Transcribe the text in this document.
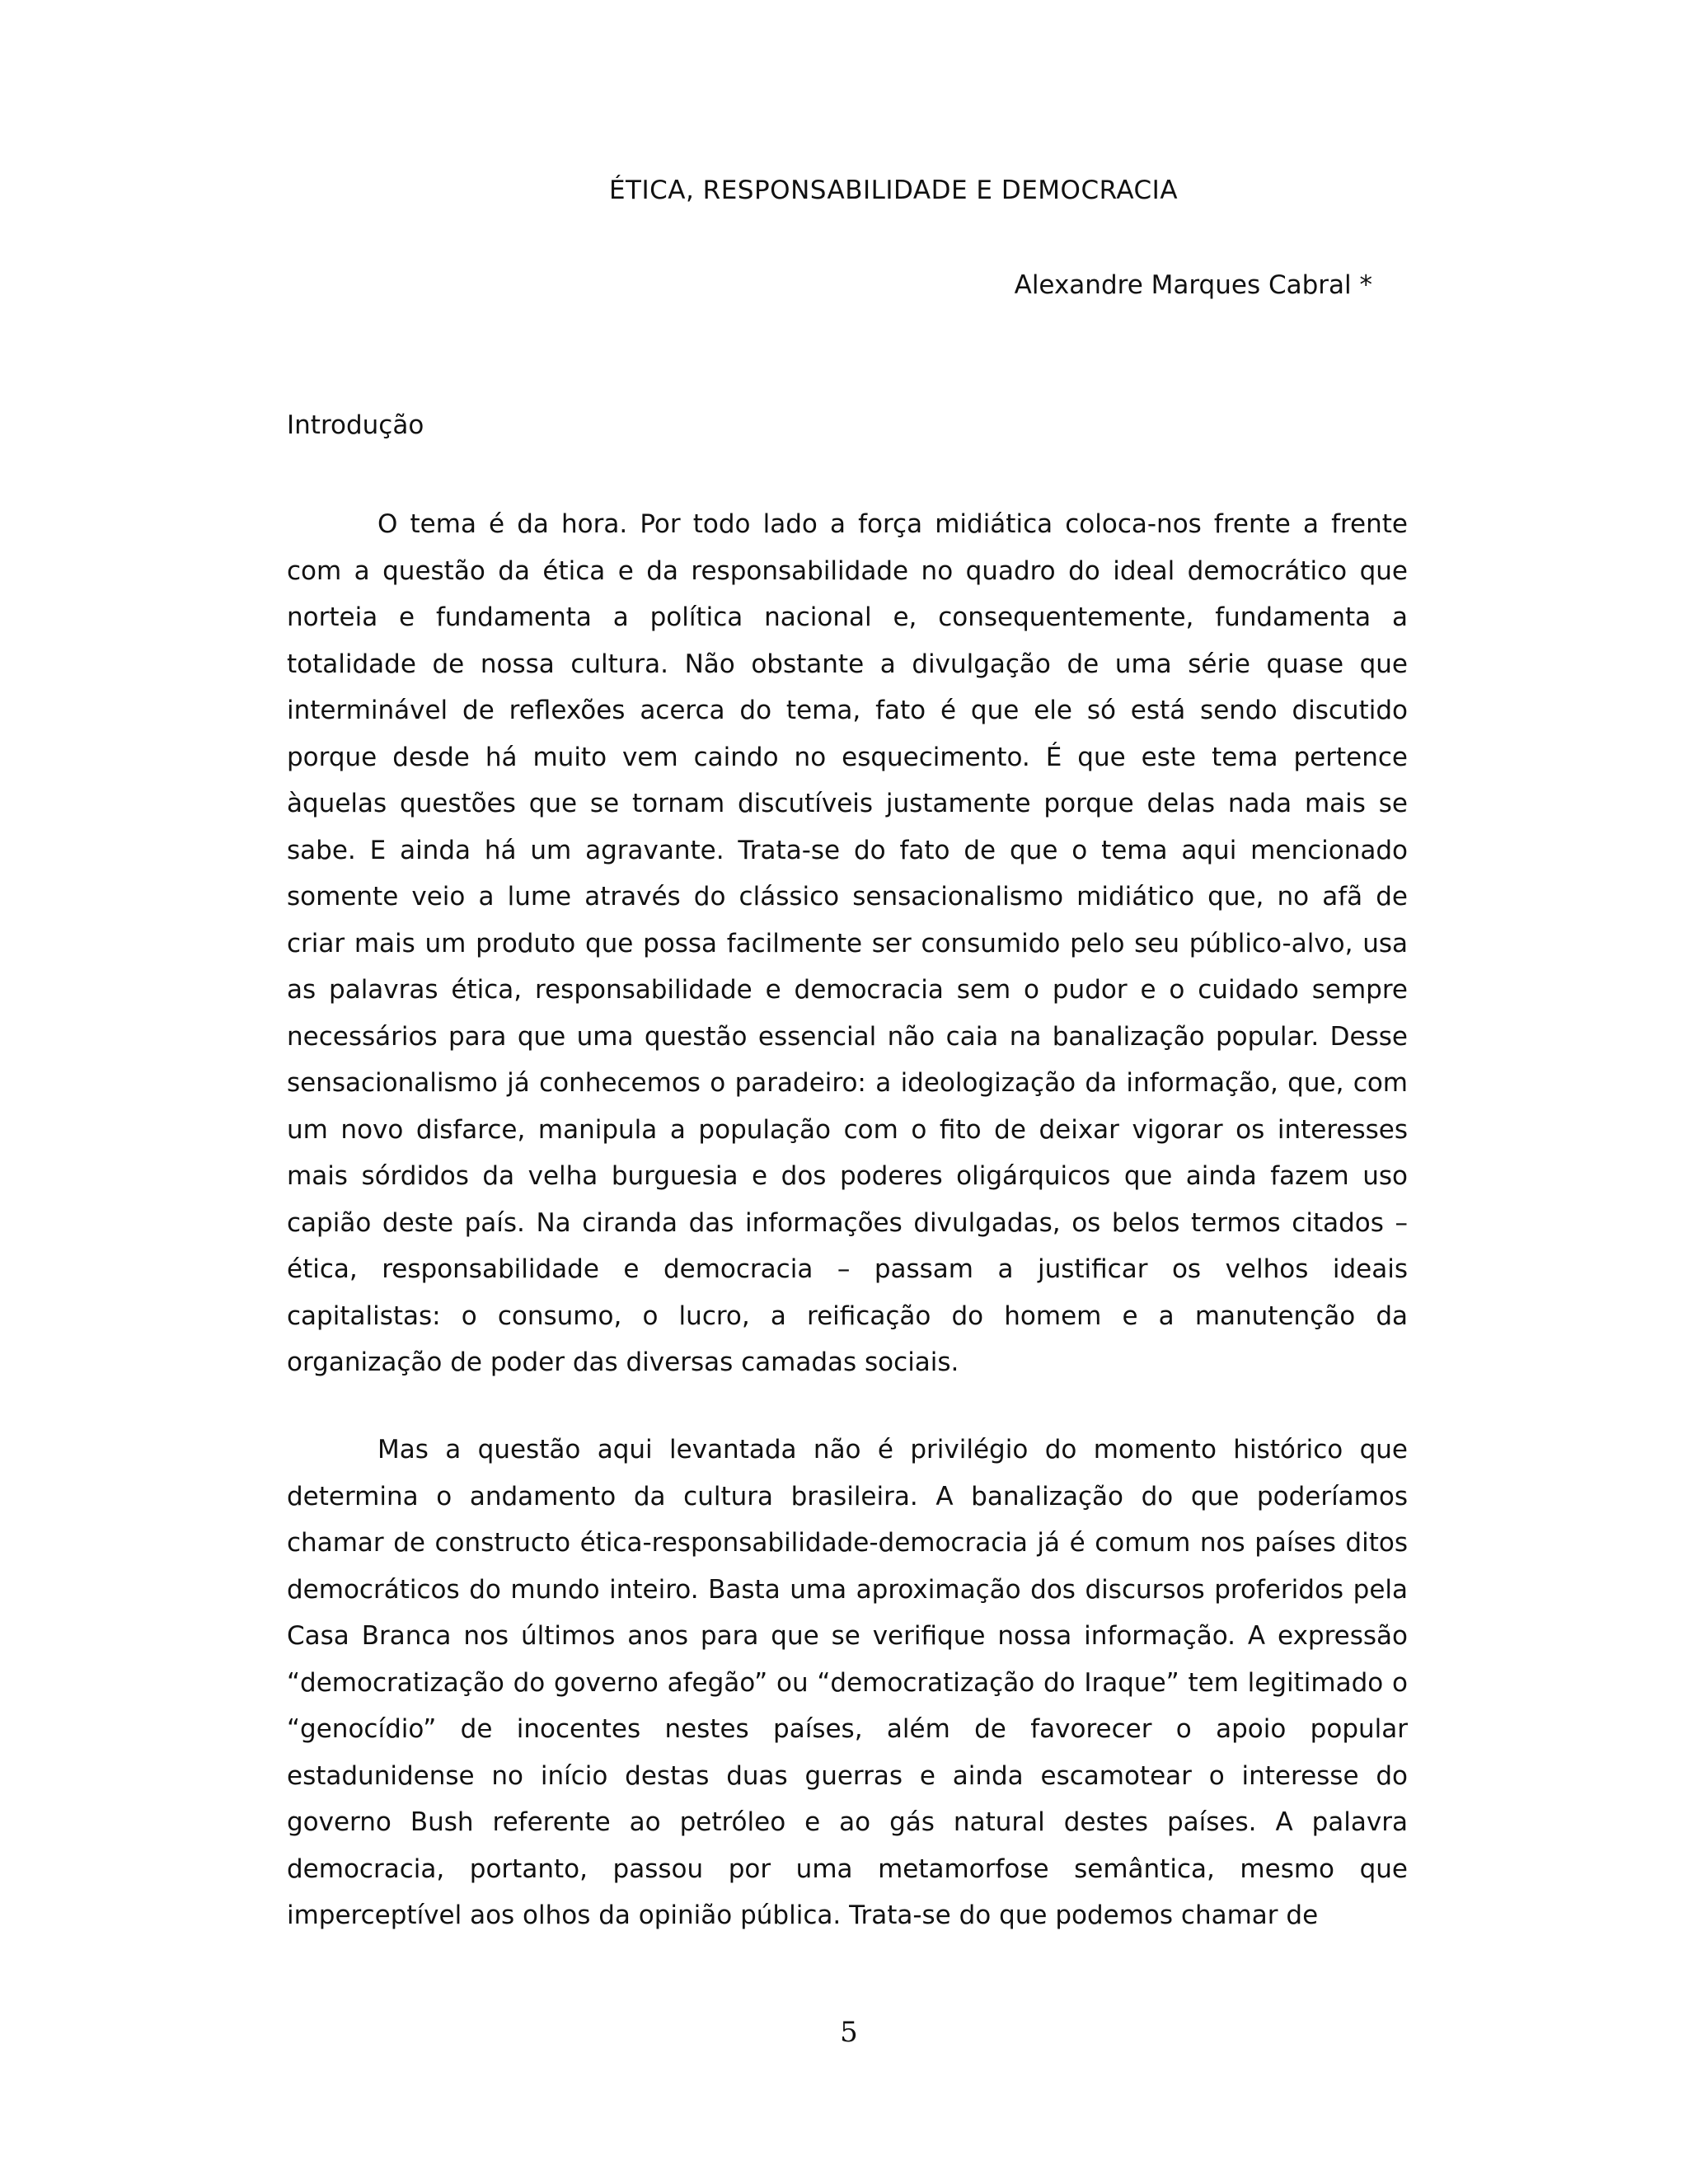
ÉTICA, RESPONSABILIDADE E DEMOCRACIA
Alexandre Marques Cabral *
Introdução

O tema é da hora. Por todo lado a força midiática coloca-nos frente a frente com a questão da ética e da responsabilidade no quadro do ideal democrático que norteia e fundamenta a política nacional e, consequentemente, fundamenta a totalidade de nossa cultura. Não obstante a divulgação de uma série quase que interminável de reflexões acerca do tema, fato é que ele só está sendo discutido porque desde há muito vem caindo no esquecimento. É que este tema pertence àquelas questões que se tornam discutíveis justamente porque delas nada mais se sabe. E ainda há um agravante. Trata-se do fato de que o tema aqui mencionado somente veio a lume através do clássico sensacionalismo midiático que, no afã de criar mais um produto que possa facilmente ser consumido pelo seu público-alvo, usa as palavras ética, responsabilidade e democracia sem o pudor e o cuidado sempre necessários para que uma questão essencial não caia na banalização popular. Desse sensacionalismo já conhecemos o paradeiro: a ideologização da informação, que, com um novo disfarce, manipula a população com o fito de deixar vigorar os interesses mais sórdidos da velha burguesia e dos poderes oligárquicos que ainda fazem uso capião deste país. Na ciranda das informações divulgadas, os belos termos citados – ética, responsabilidade e democracia – passam a justificar os velhos ideais capitalistas: o consumo, o lucro, a reificação do homem e a manutenção da organização de poder das diversas camadas sociais.

Mas a questão aqui levantada não é privilégio do momento histórico que determina o andamento da cultura brasileira. A banalização do que poderíamos chamar de constructo ética-responsabilidade-democracia já é comum nos países ditos democráticos do mundo inteiro. Basta uma aproximação dos discursos proferidos pela Casa Branca nos últimos anos para que se verifique nossa informação. A expressão “democratização do governo afegão” ou “democratização do Iraque” tem legitimado o “genocídio” de inocentes nestes países, além de favorecer o apoio popular estadunidense no início destas duas guerras e ainda escamotear o interesse do governo Bush referente ao petróleo e ao gás natural destes países. A palavra democracia, portanto, passou por uma metamorfose semântica, mesmo que imperceptível aos olhos da opinião pública. Trata-se do que podemos chamar de

5
